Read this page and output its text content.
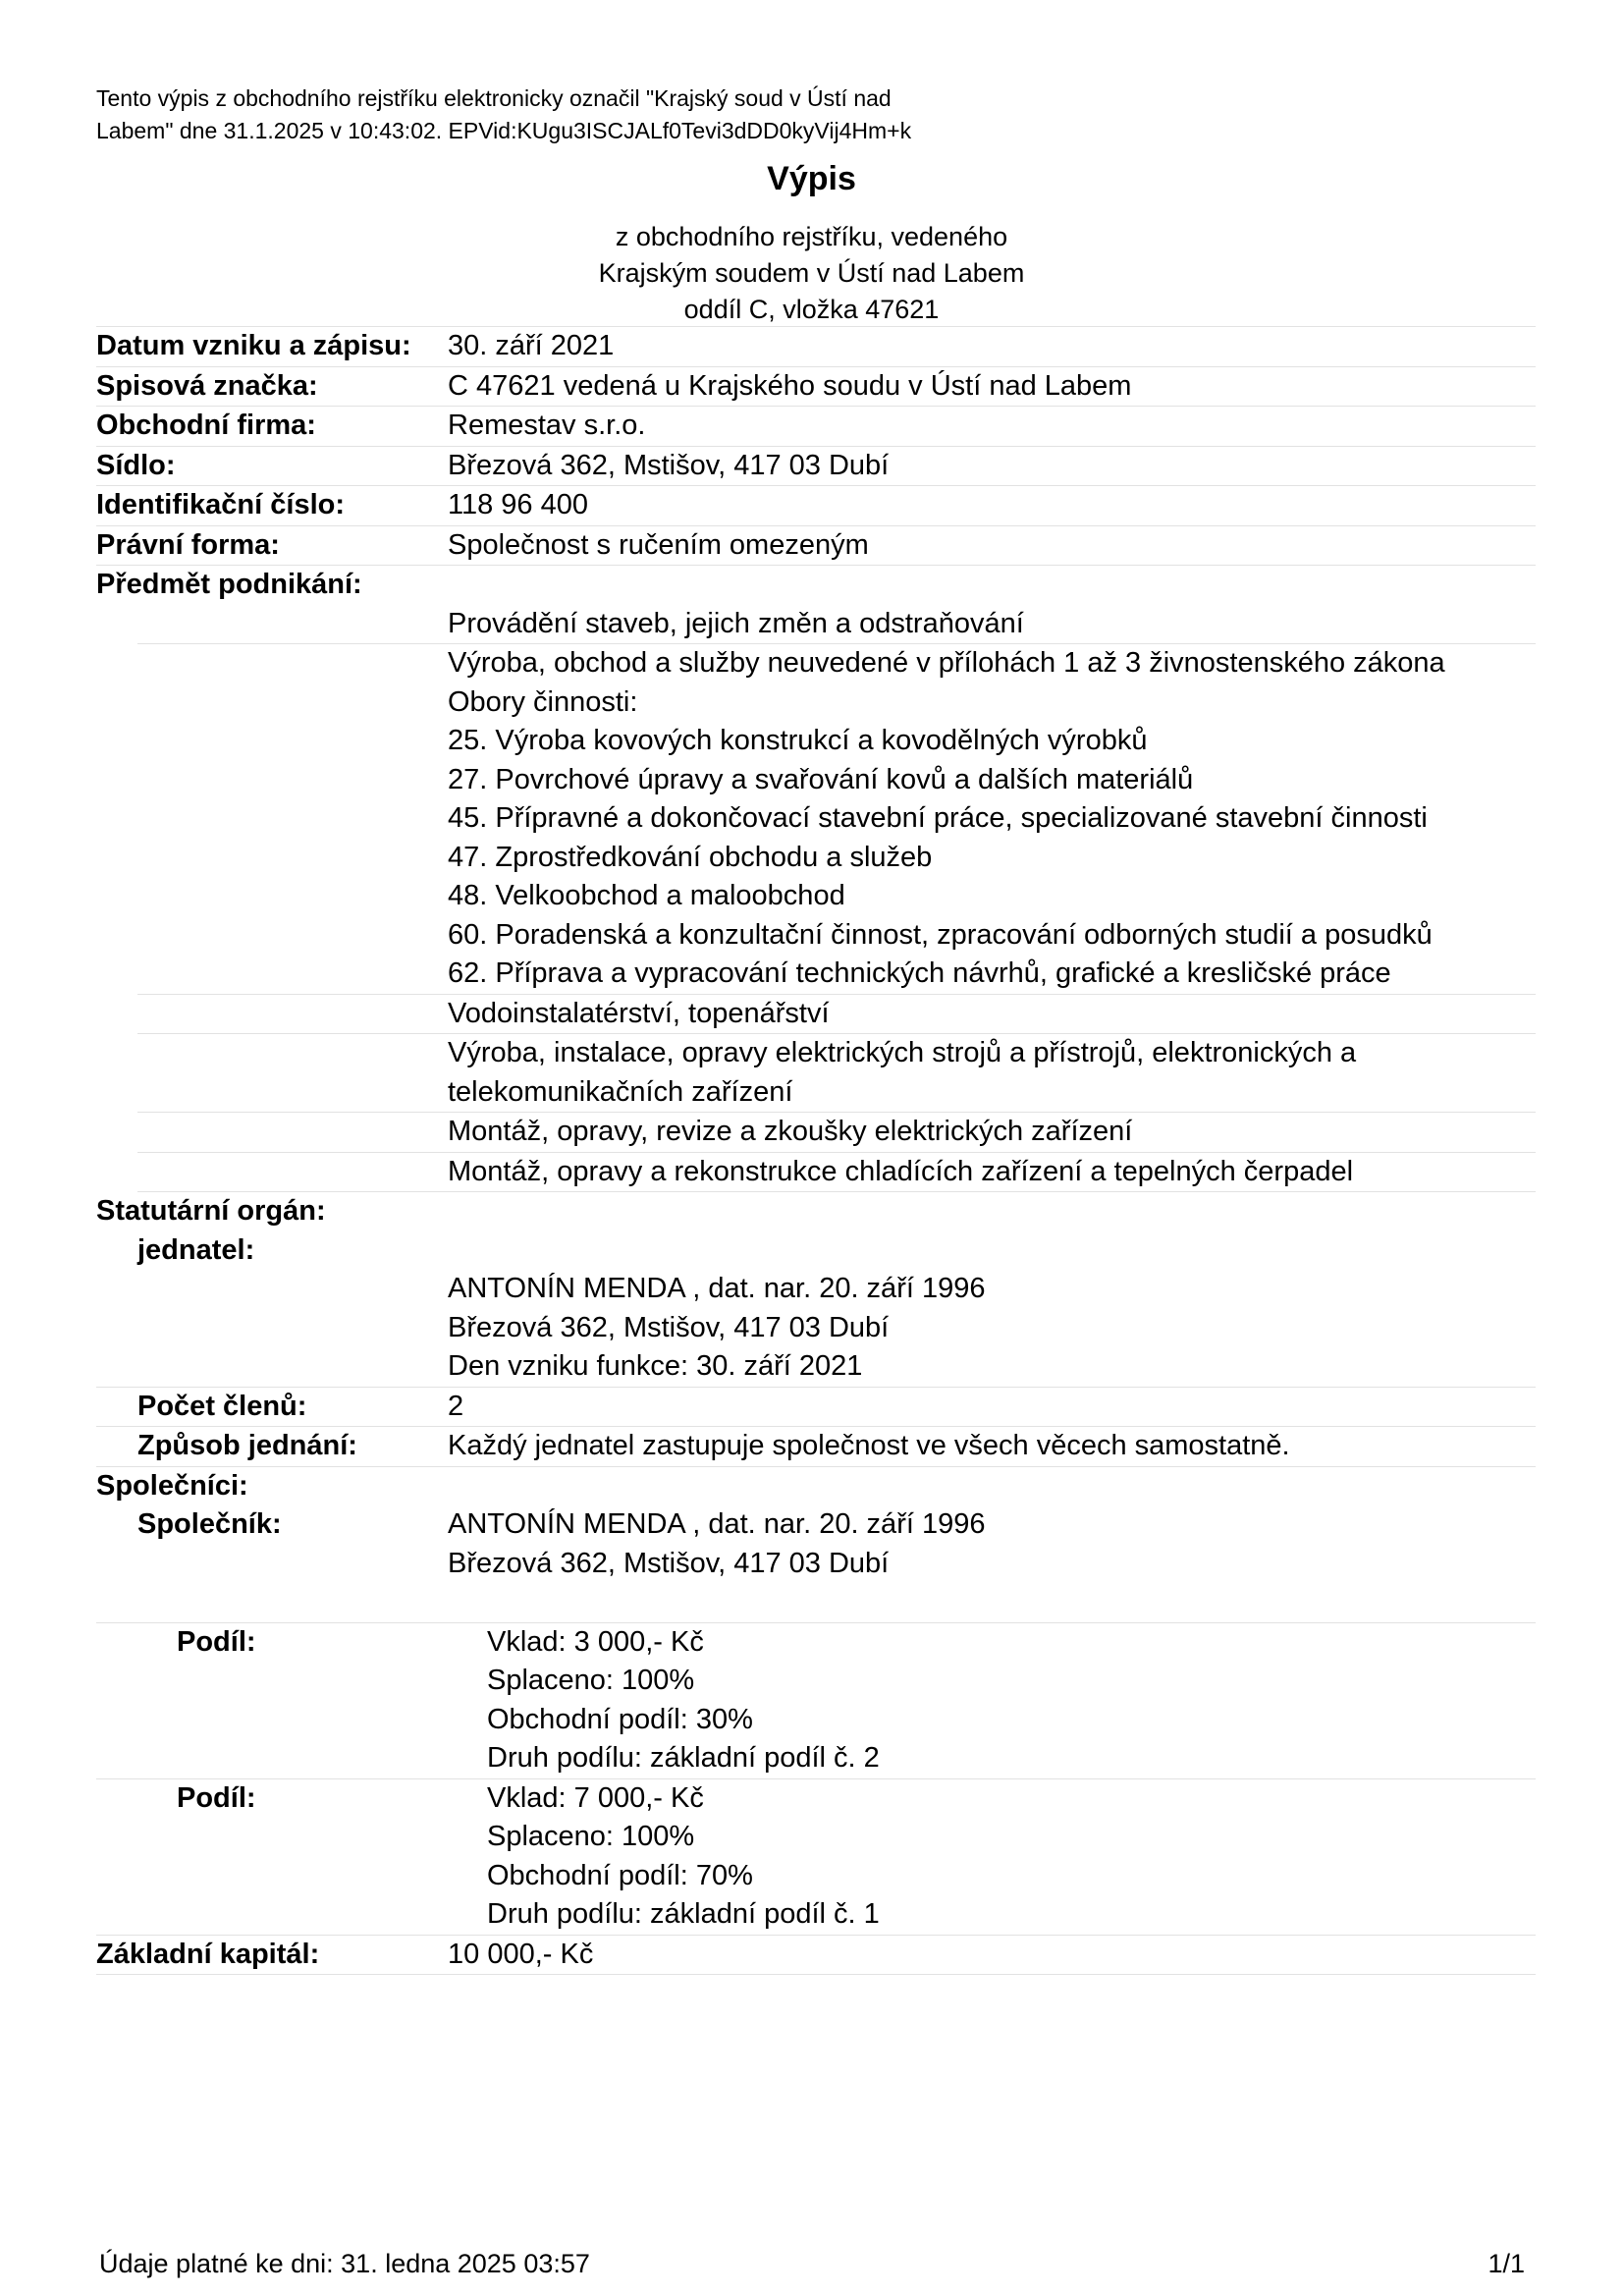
Tento výpis z obchodního rejstříku elektronicky označil "Krajský soud v Ústí nad
Labem" dne 31.1.2025 v 10:43:02. EPVid:KUgu3ISCJALf0Tevi3dDD0kyVij4Hm+k
Výpis
z obchodního rejstříku, vedeného
Krajským soudem v Ústí nad Labem
oddíl C, vložka 47621
Datum vzniku a zápisu:	30. září 2021
Spisová značka:	C 47621 vedená u Krajského soudu v Ústí nad Labem
Obchodní firma:	Remestav s.r.o.
Sídlo:	Březová 362, Mstišov, 417 03 Dubí
Identifikační číslo:	118 96 400
Právní forma:	Společnost s ručením omezeným
Předmět podnikání:
Provádění staveb, jejich změn a odstraňování
Výroba, obchod a služby neuvedené v přílohách 1 až 3 živnostenského zákona
Obory činnosti:
25. Výroba kovových konstrukcí a kovodělných výrobků
27. Povrchové úpravy a svařování kovů a dalších materiálů
45. Přípravné a dokončovací stavební práce, specializované stavební činnosti
47. Zprostředkování obchodu a služeb
48. Velkoobchod a maloobchod
60. Poradenská a konzultační činnost, zpracování odborných studií a posudků
62. Příprava a vypracování technických návrhů, grafické a kresličské práce
Vodoinstalatérství, topenářství
Výroba, instalace, opravy elektrických strojů a přístrojů, elektronických a
telekomunikačních zařízení
Montáž, opravy, revize a zkoušky elektrických zařízení
Montáž, opravy a rekonstrukce chladících zařízení a tepelných čerpadel
Statutární orgán:
jednatel:
ANTONÍN MENDA , dat. nar. 20. září 1996
Březová 362, Mstišov, 417 03 Dubí
Den vzniku funkce: 30. září 2021
Počet členů:	2
Způsob jednání:	Každý jednatel zastupuje společnost ve všech věcech samostatně.
Společníci:
Společník:	ANTONÍN MENDA , dat. nar. 20. září 1996
Březová 362, Mstišov, 417 03 Dubí
Podíl:	Vklad: 3 000,- Kč
Splaceno: 100%
Obchodní podíl: 30%
Druh podílu: základní podíl č. 2
Podíl:	Vklad: 7 000,- Kč
Splaceno: 100%
Obchodní podíl: 70%
Druh podílu: základní podíl č. 1
Základní kapitál:	10 000,- Kč
Údaje platné ke dni: 31. ledna 2025 03:57	1/1
